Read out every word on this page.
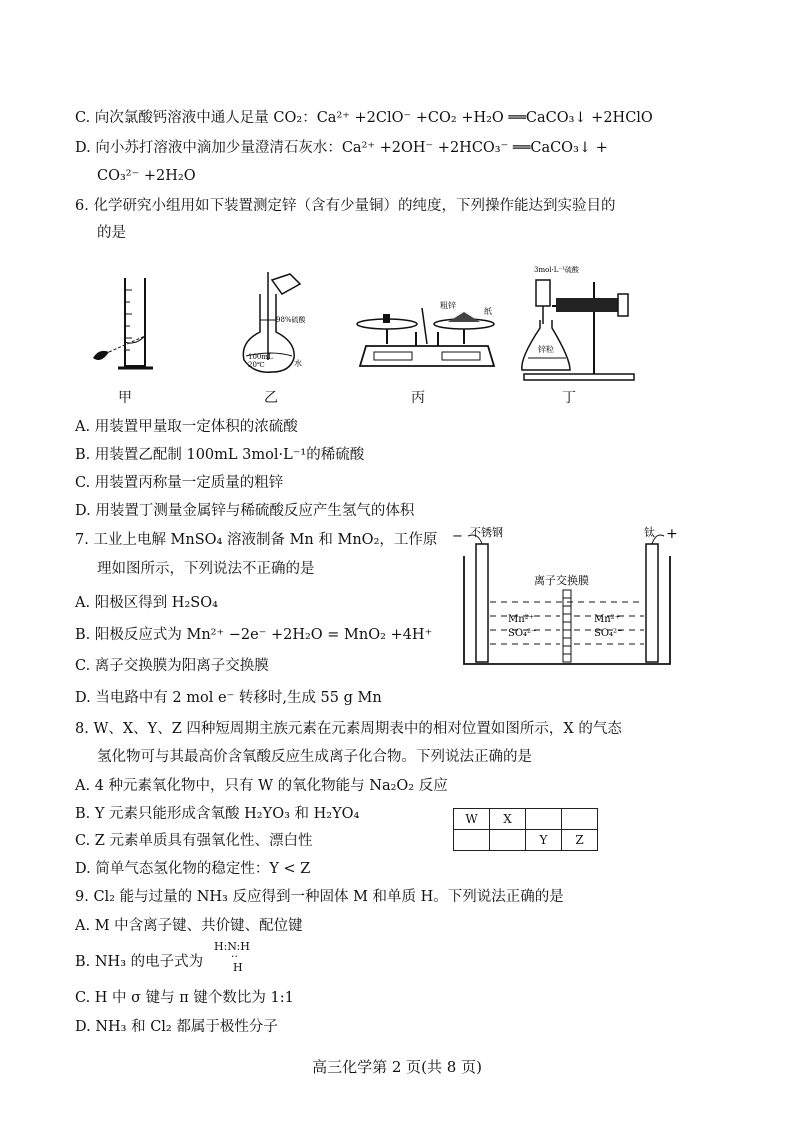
C. 向次氯酸钙溶液中通人足量 CO₂：Ca²⁺ +2ClO⁻ +CO₂ +H₂O ══CaCO₃↓ +2HClO
D. 向小苏打溶液中滴加少量澄清石灰水：Ca²⁺ +2OH⁻ +2HCO₃⁻ ══CaCO₃↓ +
CO₃²⁻ +2H₂O
6. 化学研究小组用如下装置测定锌（含有少量铜）的纯度，下列操作能达到实验目的
的是
100mL
20℃
98%硫酸
水
粗锌
纸
锌粒
3mol·L⁻¹硫酸
甲	乙	丙	丁
A. 用装置甲量取一定体积的浓硫酸
B. 用装置乙配制 100mL 3mol·L⁻¹的稀硫酸
C. 用装置丙称量一定质量的粗锌
D. 用装置丁测量金属锌与稀硫酸反应产生氢气的体积
7. 工业上电解 MnSO₄ 溶液制备 Mn 和 MnO₂，工作原
理如图所示，下列说法不正确的是
A. 阳极区得到 H₂SO₄
B. 阳极反应式为 Mn²⁺ −2e⁻ +2H₂O = MnO₂ +4H⁺
C. 离子交换膜为阳离子交换膜
D. 当电路中有 2 mol e⁻ 转移时,生成 55 g Mn
− 不锈钢	钛 +
离子交换膜
Mn²⁺
SO₄²⁻
Mn²⁺
SO₄²⁻
8. W、X、Y、Z 四种短周期主族元素在元素周期表中的相对位置如图所示，X 的气态
氢化物可与其最高价含氧酸反应生成离子化合物。下列说法正确的是
A. 4 种元素氧化物中，只有 W 的氧化物能与 Na₂O₂ 反应
B. Y 元素只能形成含氧酸 H₂YO₃ 和 H₂YO₄
C. Z 元素单质具有强氧化性、漂白性
D. 简单气态氢化物的稳定性：Y < Z
W	X		
		Y	Z
9. Cl₂ 能与过量的 NH₃ 反应得到一种固体 M 和单质 H。下列说法正确的是
A. M 中含离子键、共价键、配位键
B. NH₃ 的电子式为
H:N:H
··
H
C. H 中 σ 键与 π 键个数比为 1:1
D. NH₃ 和 Cl₂ 都属于极性分子
高三化学第 2 页(共 8 页)
